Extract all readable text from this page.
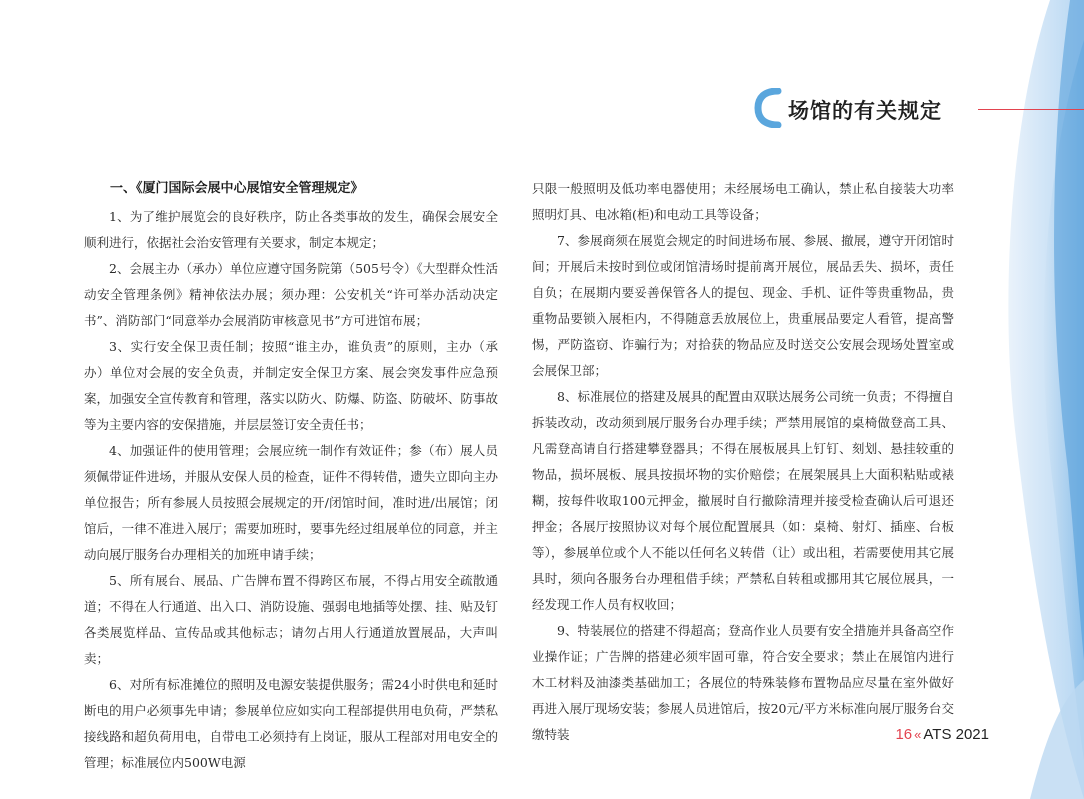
场馆的有关规定

一、《厦门国际会展中心展馆安全管理规定》

1、为了维护展览会的良好秩序，防止各类事故的发生，确保会展安全顺利进行，依据社会治安管理有关要求，制定本规定；

2、会展主办（承办）单位应遵守国务院第（505号令）《大型群众性活动安全管理条例》精神依法办展；须办理：公安机关“许可举办活动决定书”、消防部门“同意举办会展消防审核意见书”方可进馆布展；

3、实行安全保卫责任制；按照“谁主办，谁负责”的原则，主办（承办）单位对会展的安全负责，并制定安全保卫方案、展会突发事件应急预案，加强安全宣传教育和管理，落实以防火、防爆、防盗、防破坏、防事故等为主要内容的安保措施，并层层签订安全责任书；

4、加强证件的使用管理；会展应统一制作有效证件；参（布）展人员须佩带证件进场，并服从安保人员的检查，证件不得转借，遗失立即向主办单位报告；所有参展人员按照会展规定的开/闭馆时间，准时进/出展馆；闭馆后，一律不准进入展厅；需要加班时，要事先经过组展单位的同意，并主动向展厅服务台办理相关的加班申请手续；

5、所有展台、展品、广告牌布置不得跨区布展，不得占用安全疏散通道；不得在人行通道、出入口、消防设施、强弱电地插等处摆、挂、贴及钉各类展览样品、宣传品或其他标志；请勿占用人行通道放置展品，大声叫卖；

6、对所有标准摊位的照明及电源安装提供服务；需24小时供电和延时断电的用户必须事先申请；参展单位应如实向工程部提供用电负荷，严禁私接线路和超负荷用电，自带电工必须持有上岗证，服从工程部对用电安全的管理；标准展位内500W电源

只限一般照明及低功率电器使用；未经展场电工确认，禁止私自接装大功率照明灯具、电冰箱(柜)和电动工具等设备；

7、参展商须在展览会规定的时间进场布展、参展、撤展，遵守开闭馆时间；开展后未按时到位或闭馆清场时提前离开展位，展品丢失、损坏，责任自负；在展期内要妥善保管各人的提包、现金、手机、证件等贵重物品，贵重物品要锁入展柜内，不得随意丢放展位上，贵重展品要定人看管，提高警惕，严防盗窃、诈骗行为；对拾获的物品应及时送交公安展会现场处置室或会展保卫部；

8、标准展位的搭建及展具的配置由双联达展务公司统一负责；不得擅自拆装改动，改动须到展厅服务台办理手续；严禁用展馆的桌椅做登高工具、凡需登高请自行搭建攀登器具；不得在展板展具上钉钉、刻划、悬挂较重的物品，损坏展板、展具按损坏物的实价赔偿；在展架展具上大面积粘贴或裱糊，按每件收取100元押金，撤展时自行撤除清理并接受检查确认后可退还押金；各展厅按照协议对每个展位配置展具（如：桌椅、射灯、插座、台板等），参展单位或个人不能以任何名义转借（让）或出租，若需要使用其它展具时，须向各服务台办理租借手续；严禁私自转租或挪用其它展位展具，一经发现工作人员有权收回；

9、特装展位的搭建不得超高；登高作业人员要有安全措施并具备高空作业操作证；广告牌的搭建必须牢固可靠，符合安全要求；禁止在展馆内进行木工材料及油漆类基础加工；各展位的特殊装修布置物品应尽量在室外做好再进入展厅现场安装；参展人员进馆后，按20元/平方米标准向展厅服务台交缴特装	16 « ATS 2021
